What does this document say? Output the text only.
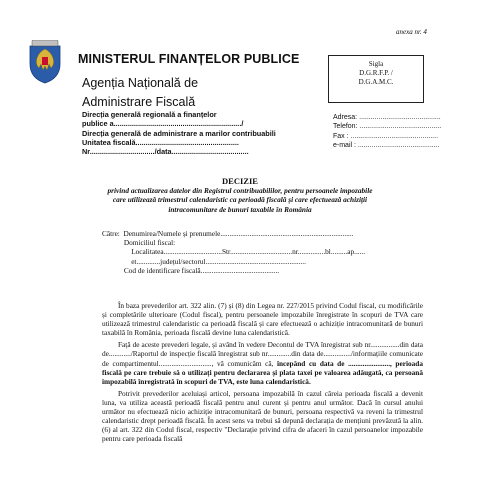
anexa nr. 4
MINISTERUL FINANȚELOR PUBLICE
Agenția Națională de
Administrare Fiscală
Sigla
D.G.R.F.P. /
D.G.A.M.C.
Direcția generală regională a finanțelor
publice a.............................................................../
Direcția generală de administrare a marilor contribuabili
Unitatea fiscală...................................................
Nr................................/data......................................
Adresa: ..........................................
Telefon: ..........................................
Fax : .............................................
e-mail : ..........................................
DECIZIE
privind actualizarea datelor din Registrul contribuabililor, pentru persoanele impozabile
care utilizează trimestrul calendaristic ca perioadă fiscală și care efectuează achiziții
intracomunitare de bunuri taxabile în România
Către:  Denumirea/Numele și prenumele.........................................................................
Domiciliul fiscal:
Localitatea................................Str..................................nr...............bl.........ap......
et.............județul/sectorul.......................................................
Cod de identificare fiscală...........................................

În baza prevederilor art. 322 alin. (7) și (8) din Legea nr. 227/2015 privind Codul fiscal, cu modificările și completările ulterioare (Codul fiscal), pentru persoanele impozabile înregistrate în scopuri de TVA care utilizează trimestrul calendaristic ca perioadă fiscală și care efectuează o achiziție intracomunitară de bunuri taxabilă în România, perioada fiscală devine luna calendaristică.

Față de aceste prevederi legale, și având în vedere Decontul de TVA înregistrat sub nr................din data de............/Raportul de inspecție fiscală înregistrat sub nr.............din data de.............../informațiile comunicate de compartimentul............................., vă comunicăm că, începând cu data de ......................., perioada fiscală pe care trebuie să o utilizați pentru declararea și plata taxei pe valoarea adăugată, ca persoană impozabilă înregistrată în scopuri de TVA, este luna calendaristică.

Potrivit prevederilor aceluiași articol, persoana impozabilă în cazul căreia perioada fiscală a devenit luna, va utiliza această perioadă fiscală pentru anul curent și pentru anul următor. Dacă în cursul anului următor nu efectuează nicio achiziție intracomunitară de bunuri, persoana respectivă va reveni la trimestrul calendaristic drept perioadă fiscală. În acest sens va trebui să depună declarația de mențiuni prevăzută la alin. (6) al art. 322 din Codul fiscal, respectiv "Declarație privind cifra de afaceri în cazul persoanelor impozabile pentru care perioada fiscală
